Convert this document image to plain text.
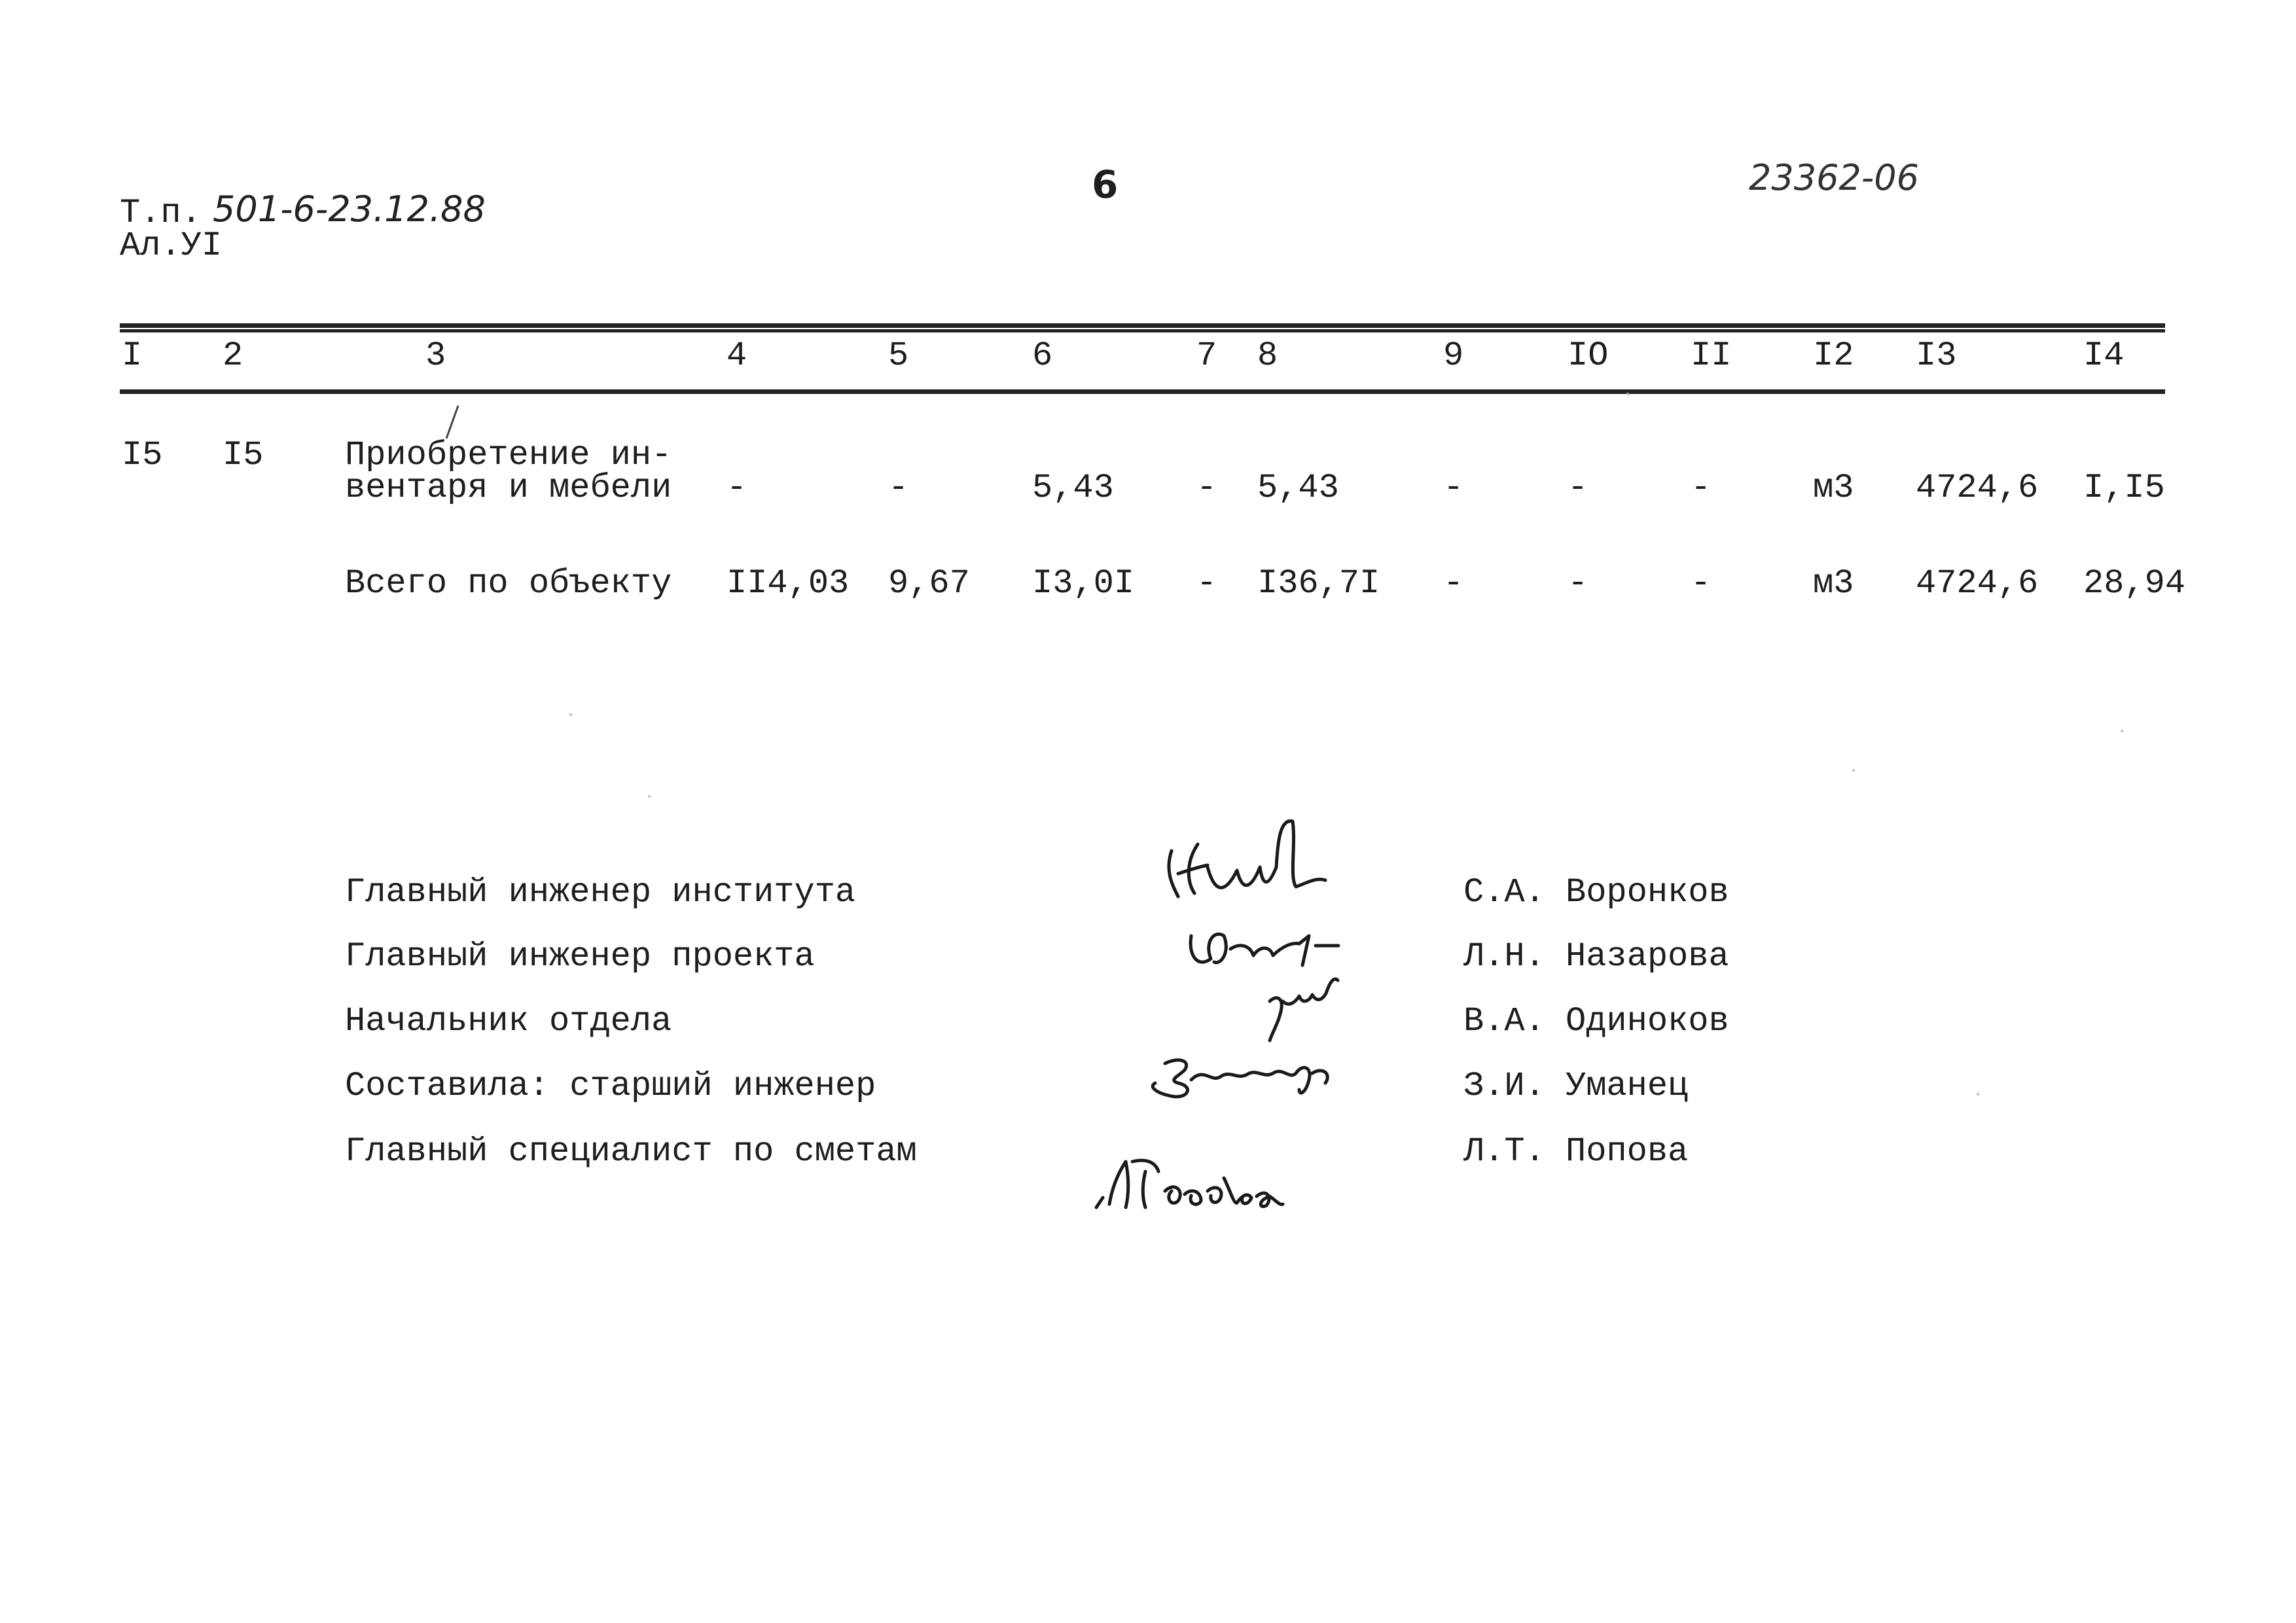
Т.п. 501-6-23.12.88
Ал.УI
6	23362-06
I 2	3	4	5	6	7 8	9	IO II I2 I3	I4
I5 I5 Приобретение ин-
вентаря и мебели -	-	5,43 - 5,43	-	-	-	м3 4724,6 I,I5
Всего по объекту II4,03 9,67 I3,0I - I36,7I -	-	-	м3 4724,6 28,94
Главный инженер института	С.А. Воронков
Главный инженер проекта	Л.Н. Назарова
Начальник отдела	В.А. Одиноков
Составила: старший инженер	З.И. Уманец
Главный специалист по сметам	Л.Т. Попова
